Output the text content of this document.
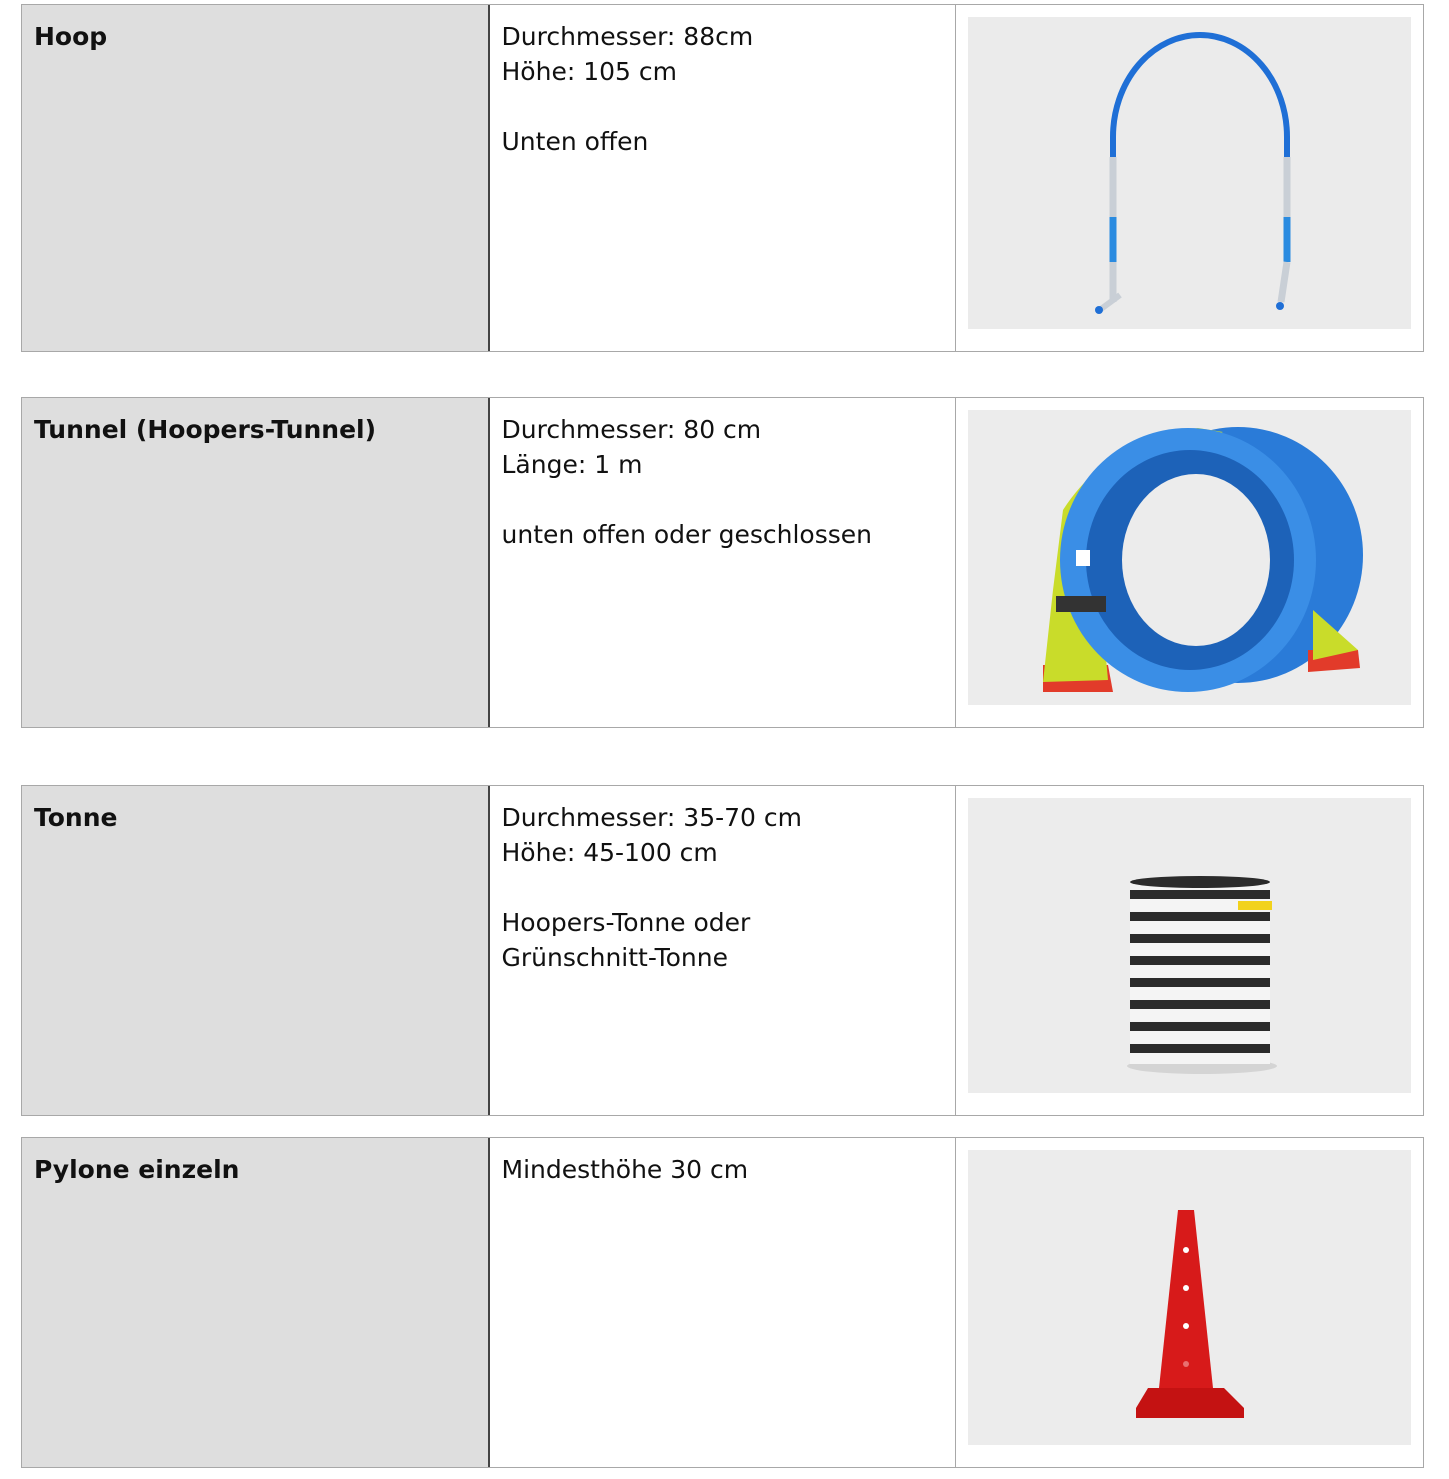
Hoop	Durchmesser: 88cm
Höhe: 105 cm
Unten offen
Tunnel (Hoopers-Tunnel)	Durchmesser: 80 cm
Länge: 1 m
unten offen oder geschlossen
Tonne	Durchmesser: 35-70 cm
Höhe: 45-100 cm
Hoopers-Tonne oder
Grünschnitt-Tonne
Pylone einzeln	Mindesthöhe 30 cm
